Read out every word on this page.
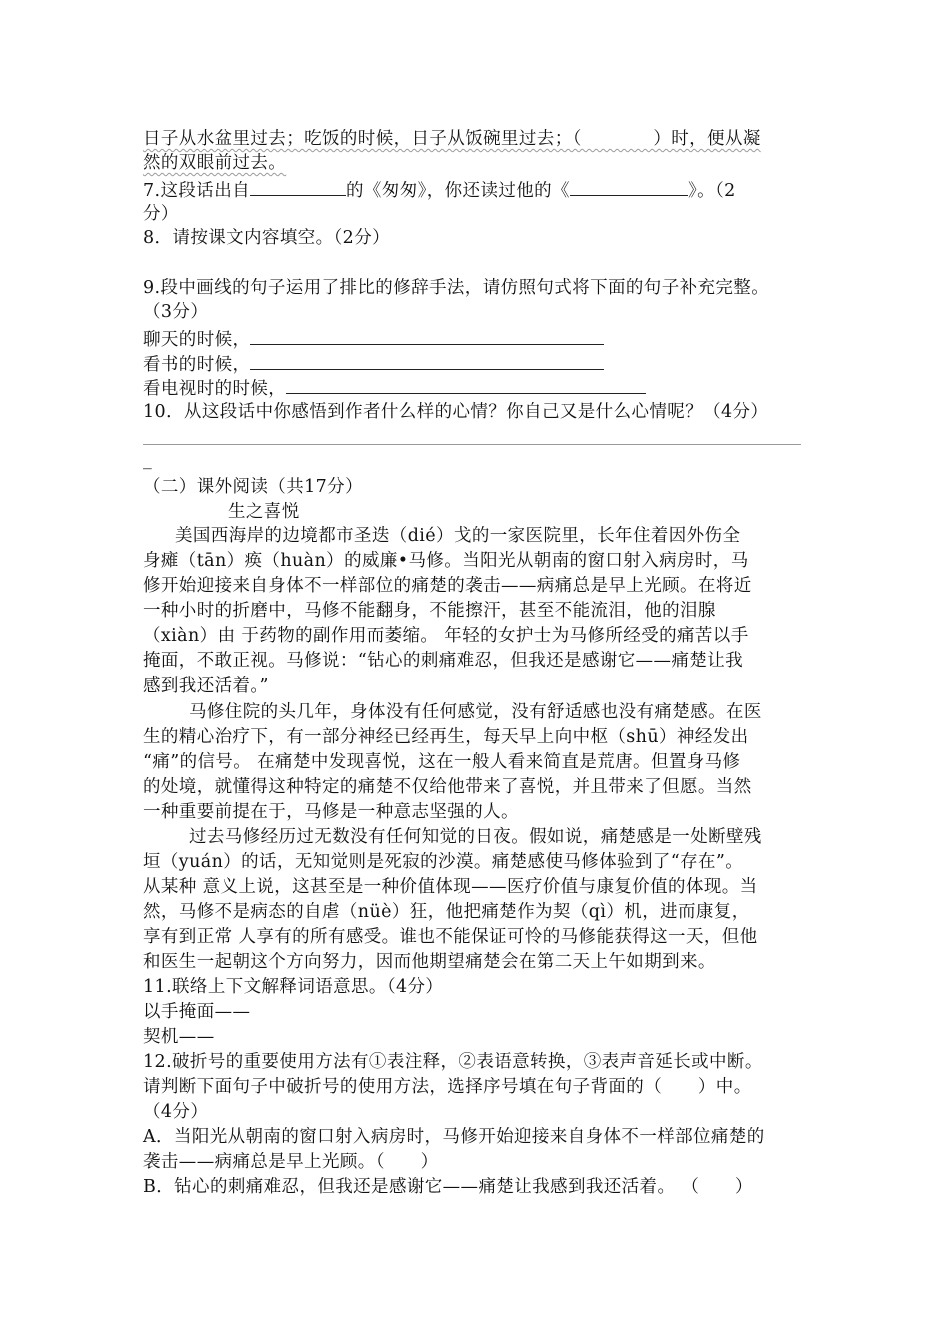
日子从水盆里过去；吃饭的时候，日子从饭碗里过去；（　　　　）时，便从凝
然的双眼前过去。
7.这段话出自	的《匆匆》，你还读过他的《	》。（2
分）
8．请按课文内容填空。（2分）
9.段中画线的句子运用了排比的修辞手法，请仿照句式将下面的句子补充完整。
（3分）
聊天的时候，
看书的时候，
看电视时的时候，
10．从这段话中你感悟到作者什么样的心情？你自己又是什么心情呢？（4分）
_
（二）课外阅读（共17分）
生之喜悦
美国西海岸的边境都市圣迭（dié）戈的一家医院里，长年住着因外伤全
身瘫（tān）痪（huàn）的威廉•马修。当阳光从朝南的窗口射入病房时，马
修开始迎接来自身体不一样部位的痛楚的袭击——病痛总是早上光顾。在将近
一种小时的折磨中，马修不能翻身，不能擦汗，甚至不能流泪，他的泪腺
（xiàn）由 于药物的副作用而萎缩。 年轻的女护士为马修所经受的痛苦以手
掩面，不敢正视。马修说：“钻心的刺痛难忍，但我还是感谢它——痛楚让我
感到我还活着。”
马修住院的头几年，身体没有任何感觉，没有舒适感也没有痛楚感。在医
生的精心治疗下，有一部分神经已经再生，每天早上向中枢（shū）神经发出
“痛”的信号。 在痛楚中发现喜悦，这在一般人看来简直是荒唐。但置身马修
的处境，就懂得这种特定的痛楚不仅给他带来了喜悦，并且带来了但愿。当然
一种重要前提在于，马修是一种意志坚强的人。
过去马修经历过无数没有任何知觉的日夜。假如说，痛楚感是一处断壁残
垣（yuán）的话，无知觉则是死寂的沙漠。痛楚感使马修体验到了“存在”。
从某种 意义上说，这甚至是一种价值体现——医疗价值与康复价值的体现。当
然，马修不是病态的自虐（nüè）狂，他把痛楚作为契（qì）机，进而康复，
享有到正常 人享有的所有感受。谁也不能保证可怜的马修能获得这一天，但他
和医生一起朝这个方向努力，因而他期望痛楚会在第二天上午如期到来。
11.联络上下文解释词语意思。（4分）
以手掩面——
契机——
12.破折号的重要使用方法有①表注释，②表语意转换，③表声音延长或中断。
请判断下面句子中破折号的使用方法，选择序号填在句子背面的（　　）中。
（4分）
A．当阳光从朝南的窗口射入病房时，马修开始迎接来自身体不一样部位痛楚的
袭击——病痛总是早上光顾。（　　）
B．钻心的刺痛难忍，但我还是感谢它——痛楚让我感到我还活着。 （　　）
